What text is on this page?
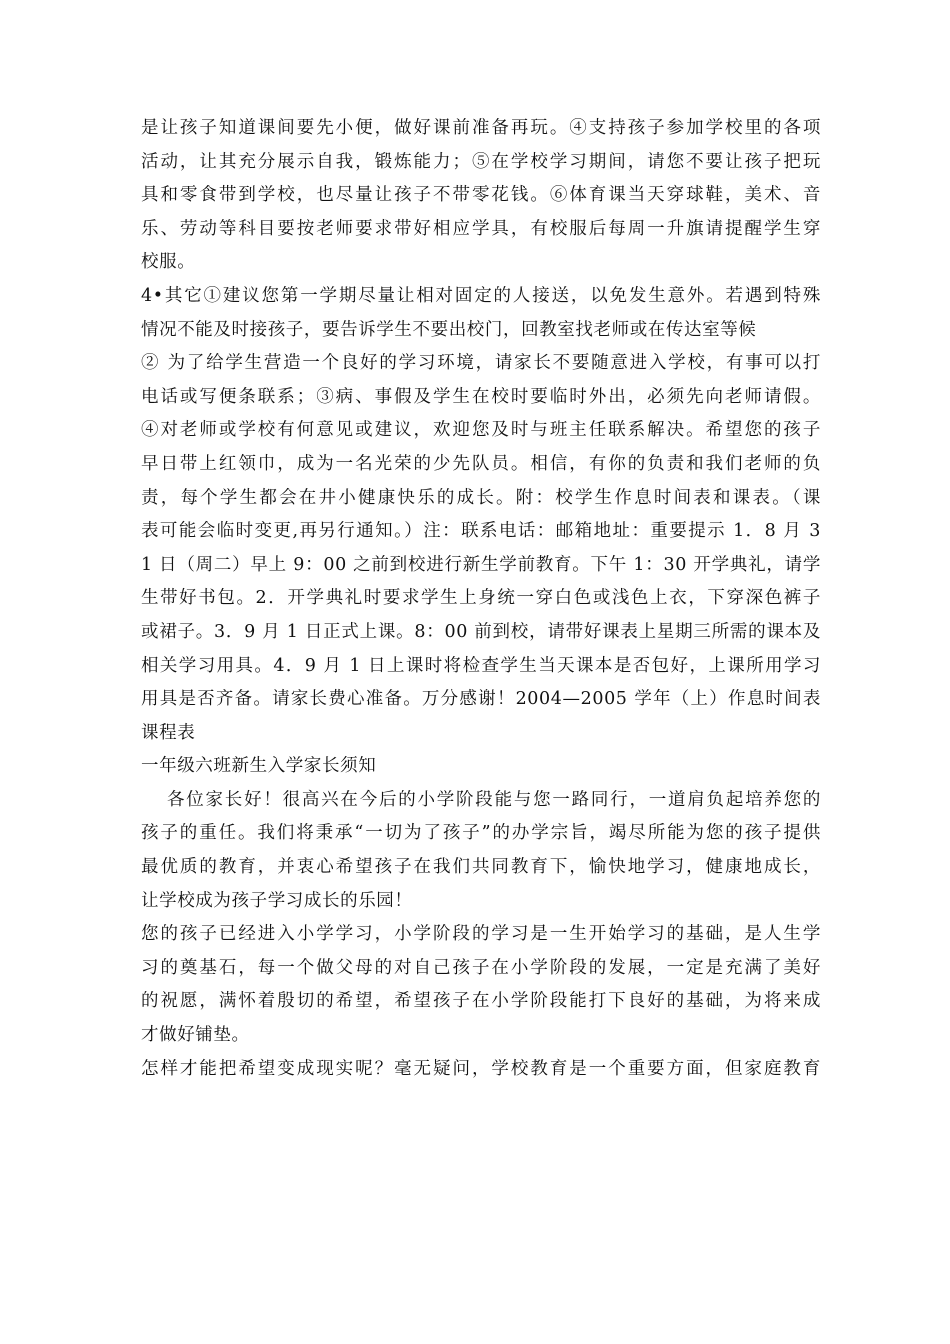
是让孩子知道课间要先小便，做好课前准备再玩。④支持孩子参加学校里的各项
活动，让其充分展示自我，锻炼能力；⑤在学校学习期间，请您不要让孩子把玩
具和零食带到学校，也尽量让孩子不带零花钱。⑥体育课当天穿球鞋，美术、音
乐、劳动等科目要按老师要求带好相应学具，有校服后每周一升旗请提醒学生穿
校服。
4•其它①建议您第一学期尽量让相对固定的人接送，以免发生意外。若遇到特殊
情况不能及时接孩子，要告诉学生不要出校门，回教室找老师或在传达室等候
② 为了给学生营造一个良好的学习环境，请家长不要随意进入学校，有事可以打
电话或写便条联系；③病、事假及学生在校时要临时外出，必须先向老师请假。
④对老师或学校有何意见或建议，欢迎您及时与班主任联系解决。希望您的孩子
早日带上红领巾，成为一名光荣的少先队员。相信，有你的负责和我们老师的负
责，每个学生都会在井小健康快乐的成长。附：校学生作息时间表和课表。（课
表可能会临时变更,再另行通知。）注：联系电话：邮箱地址：重要提示 1．8 月 3
1 日（周二）早上 9：00 之前到校进行新生学前教育。下午 1：30 开学典礼，请学
生带好书包。2．开学典礼时要求学生上身统一穿白色或浅色上衣，下穿深色裤子
或裙子。3．9 月 1 日正式上课。8：00 前到校，请带好课表上星期三所需的课本及
相关学习用具。4．9 月 1 日上课时将检查学生当天课本是否包好，上课所用学习
用具是否齐备。请家长费心准备。万分感谢！2004—2005 学年（上）作息时间表
课程表
一年级六班新生入学家长须知
各位家长好！很高兴在今后的小学阶段能与您一路同行，一道肩负起培养您的
孩子的重任。我们将秉承“一切为了孩子”的办学宗旨，竭尽所能为您的孩子提供
最优质的教育，并衷心希望孩子在我们共同教育下，愉快地学习，健康地成长，
让学校成为孩子学习成长的乐园！
您的孩子已经进入小学学习，小学阶段的学习是一生开始学习的基础，是人生学
习的奠基石，每一个做父母的对自己孩子在小学阶段的发展，一定是充满了美好
的祝愿，满怀着殷切的希望，希望孩子在小学阶段能打下良好的基础，为将来成
才做好铺垫。
怎样才能把希望变成现实呢？毫无疑问，学校教育是一个重要方面，但家庭教育
